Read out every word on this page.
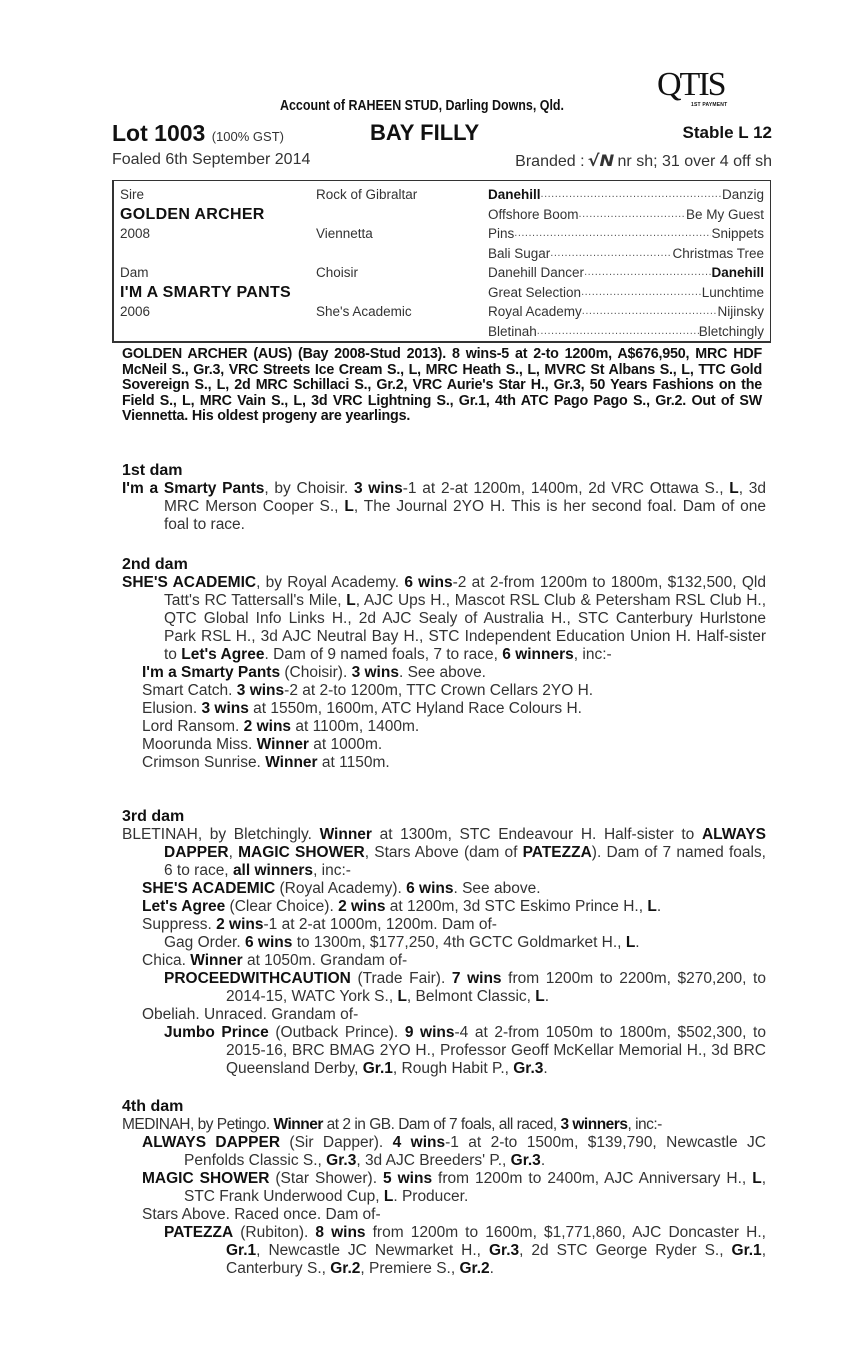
QTIS
1ST PAYMENT
Account of RAHEEN STUD, Darling Downs, Qld.
Lot 1003 (100% GST)	BAY FILLY	Stable L 12
Foaled 6th September 2014	Branded : √N nr sh; 31 over 4 off sh
Sire	Rock of Gibraltar
GOLDEN ARCHER
2008	Viennetta
Dam	Choisir
I'M A SMARTY PANTS
2006	She's Academic
Danehill .....	Danzig
Offshore Boom .....	Be My Guest
Pins .....	Snippets
Bali Sugar .....	Christmas Tree
Danehill Dancer .....	Danehill
Great Selection .....	Lunchtime
Royal Academy .....	Nijinsky
Bletinah .....	Bletchingly
GOLDEN ARCHER (AUS) (Bay 2008-Stud 2013). 8 wins-5 at 2-to 1200m, A$676,950, MRC HDF McNeil S., Gr.3, VRC Streets Ice Cream S., L, MRC Heath S., L, MVRC St Albans S., L, TTC Gold Sovereign S., L, 2d MRC Schillaci S., Gr.2, VRC Aurie's Star H., Gr.3, 50 Years Fashions on the Field S., L, MRC Vain S., L, 3d VRC Lightning S., Gr.1, 4th ATC Pago Pago S., Gr.2. Out of SW Viennetta. His oldest progeny are yearlings.
1st dam
I'm a Smarty Pants, by Choisir. 3 wins-1 at 2-at 1200m, 1400m, 2d VRC Ottawa S., L, 3d MRC Merson Cooper S., L, The Journal 2YO H. This is her second foal. Dam of one foal to race.
2nd dam
SHE'S ACADEMIC, by Royal Academy. 6 wins-2 at 2-from 1200m to 1800m, $132,500, Qld Tatt's RC Tattersall's Mile, L, AJC Ups H., Mascot RSL Club & Petersham RSL Club H., QTC Global Info Links H., 2d AJC Sealy of Australia H., STC Canterbury Hurlstone Park RSL H., 3d AJC Neutral Bay H., STC Independent Education Union H. Half-sister to Let's Agree. Dam of 9 named foals, 7 to race, 6 winners, inc:-
I'm a Smarty Pants (Choisir). 3 wins. See above.
Smart Catch. 3 wins-2 at 2-to 1200m, TTC Crown Cellars 2YO H.
Elusion. 3 wins at 1550m, 1600m, ATC Hyland Race Colours H.
Lord Ransom. 2 wins at 1100m, 1400m.
Moorunda Miss. Winner at 1000m.
Crimson Sunrise. Winner at 1150m.
3rd dam
BLETINAH, by Bletchingly. Winner at 1300m, STC Endeavour H. Half-sister to ALWAYS DAPPER, MAGIC SHOWER, Stars Above (dam of PATEZZA). Dam of 7 named foals, 6 to race, all winners, inc:-
SHE'S ACADEMIC (Royal Academy). 6 wins. See above.
Let's Agree (Clear Choice). 2 wins at 1200m, 3d STC Eskimo Prince H., L.
Suppress. 2 wins-1 at 2-at 1000m, 1200m. Dam of-
Gag Order. 6 wins to 1300m, $177,250, 4th GCTC Goldmarket H., L.
Chica. Winner at 1050m. Grandam of-
PROCEEDWITHCAUTION (Trade Fair). 7 wins from 1200m to 2200m, $270,200, to 2014-15, WATC York S., L, Belmont Classic, L.
Obeliah. Unraced. Grandam of-
Jumbo Prince (Outback Prince). 9 wins-4 at 2-from 1050m to 1800m, $502,300, to 2015-16, BRC BMAG 2YO H., Professor Geoff McKellar Memorial H., 3d BRC Queensland Derby, Gr.1, Rough Habit P., Gr.3.
4th dam
MEDINAH, by Petingo. Winner at 2 in GB. Dam of 7 foals, all raced, 3 winners, inc:-
ALWAYS DAPPER (Sir Dapper). 4 wins-1 at 2-to 1500m, $139,790, Newcastle JC Penfolds Classic S., Gr.3, 3d AJC Breeders' P., Gr.3.
MAGIC SHOWER (Star Shower). 5 wins from 1200m to 2400m, AJC Anniversary H., L, STC Frank Underwood Cup, L. Producer.
Stars Above. Raced once. Dam of-
PATEZZA (Rubiton). 8 wins from 1200m to 1600m, $1,771,860, AJC Doncaster H., Gr.1, Newcastle JC Newmarket H., Gr.3, 2d STC George Ryder S., Gr.1, Canterbury S., Gr.2, Premiere S., Gr.2.
